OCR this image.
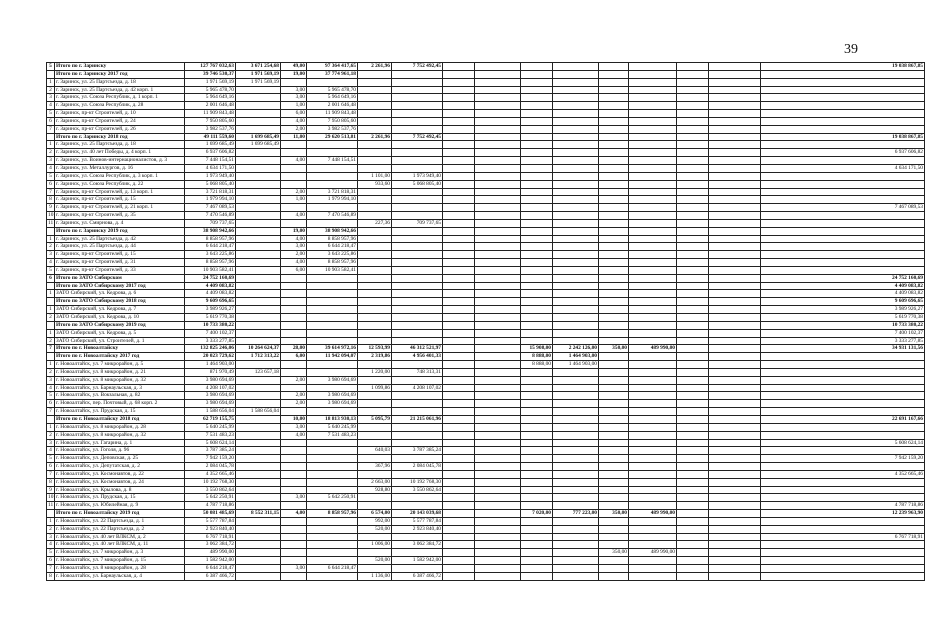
39
5	Итого по г. Заринску	127 767 032,63	3 671 254,68	49,00	97 364 417,65	2 261,96	7 752 492,45									19 038 867,85
	Итого по г. Заринску 2017 год	39 746 530,37	1 971 569,19	19,00	37 774 961,18											
1	г. Заринск, ул. 25 Партсъезда, д. 18	1 971 569,19	1 971 569,19													
2	г. Заринск, ул. 25 Партсъезда, д. 42 корп. 1	5 965 478,70		3,00	5 965 478,70											
3	г. Заринск, ул. Союза Республик, д. 1 корп. 1	5 964 649,16		3,00	5 964 649,16											
4	г. Заринск, ул. Союза Республик, д. 28	2 001 646,48		1,00	2 001 646,48											
5	г. Заринск, пр-кт Строителей, д. 10	11 909 843,48		6,00	11 909 843,48											
6	г. Заринск, пр-кт Строителей, д. 24	7 950 805,60		4,00	7 950 805,60											
7	г. Заринск, пр-кт Строителей, д. 26	3 982 537,76		2,00	3 982 537,76											
	Итого по г. Заринску 2018 год	49 111 559,60	1 699 685,49	11,00	29 620 513,81	2 261,96	7 752 492,45									19 038 867,85
1	г. Заринск, ул. 25 Партсъезда, д. 18	1 699 685,49	1 699 685,49													
2	г. Заринск, ул. 40 лет Победы, д. 4 корп. 1	6 937 606,82														6 937 606,82
3	г. Заринск, ул. Воинов-интернационалистов, д. 3	7 448 154,51		4,00	7 448 154,51											
4	г. Заринск, ул. Металлургов, д. 16	4 634 171,50														4 634 171,50
5	г. Заринск, ул. Союза Республик, д. 3 корп. 1	1 973 949,40				1 101,00	1 973 949,40									
6	г. Заринск, ул. Союза Республик, д. 22	5 068 805,40				933,60	5 068 805,40									
7	г. Заринск, пр-кт Строителей, д. 13 корп. 1	3 721 818,31		2,00	3 721 818,31											
8	г. Заринск, пр-кт Строителей, д. 15	1 979 994,10		1,00	1 979 994,10											
9	г. Заринск, пр-кт Строителей, д. 21 корп. 1	7 467 089,53														7 467 089,53
10	г. Заринск, пр-кт Строителей, д. 35	7 470 546,89		4,00	7 470 546,89											
11	г. Заринск, ул. Смирнова, д. 4	709 737,65				227,36	709 737,65									
	Итого по г. Заринску 2019 год	38 908 942,66		19,00	38 908 942,66											
1	г. Заринск, ул. 25 Партсъезда, д. 42	8 858 957,96		4,00	8 858 957,96											
2	г. Заринск, ул. 25 Партсъезда, д. 44	6 644 218,47		3,00	6 644 218,47											
3	г. Заринск, пр-кт Строителей, д. 15	3 643 225,86		2,00	3 643 225,86											
4	г. Заринск, пр-кт Строителей, д. 31	8 858 957,96		4,00	8 858 957,96											
5	г. Заринск, пр-кт Строителей, д. 33	10 903 582,41		6,00	10 903 582,41											
6	Итого по ЗАТО Сибирском	24 752 160,69														24 752 160,69
	Итого по ЗАТО Сибирскому 2017 год	4 409 083,82														4 409 083,82
1	ЗАТО Сибирский, ул. Кедрова, д. 6	4 409 083,82														4 409 083,82
	Итого по ЗАТО Сибирскому 2018 год	9 609 696,65														9 609 696,65
1	ЗАТО Сибирский, ул. Кедрова, д. 7	3 989 926,27														3 989 926,27
2	ЗАТО Сибирский, ул. Кедрова, д. 10	5 619 770,38														5 619 770,38
	Итого по ЗАТО Сибирскому 2019 год	10 733 380,22														10 733 380,22
1	ЗАТО Сибирский, ул. Кедрова, д. 5	7 400 102,37														7 400 102,37
2	ЗАТО Сибирский, ул. Строителей, д. 1	3 333 277,85														3 333 277,85
7	Итого по г. Новоалтайску	132 825 246,06	10 264 624,37	28,00	39 614 972,16	12 593,99	46 312 521,97			15 908,00	2 242 126,00	350,00	489 990,00			34 931 131,56
	Итого по г. Новоалтайску 2017 год	20 023 729,62	1 712 313,22	6,00	11 942 094,07	2 319,86	4 956 401,33			8 888,00	1 464 903,00					
1	г. Новоалтайск, ул. 7 микрорайон, д. 5	1 464 903,00								8 888,00	1 464 903,00					
2	г. Новоалтайск, ул. 8 микрорайон, д. 21	871 970,49	123 657,18			1 220,00	748 313,31									
3	г. Новоалтайск, ул. 8 микрорайон, д. 32	3 980 694,69		2,00	3 980 694,69											
4	г. Новоалтайск, ул. Барнаульская, д. 3	4 208 107,02				1 099,86	4 208 107,02									
5	г. Новоалтайск, ул. Вокзальная, д. 82	3 980 694,69		2,00	3 980 694,69											
6	г. Новоалтайск, пер. Почтовый, д. 68 корп. 2	3 980 694,69		2,00	3 980 694,69											
7	г. Новоалтайск, ул. Прудская, д. 15	1 588 656,04	1 588 656,04													
	Итого по г. Новоалтайску 2018 год	62 719 155,75		10,00	18 813 930,13	5 095,79	21 215 061,96									22 691 167,66
1	г. Новоалтайск, ул. 8 микрорайон, д. 28	5 640 245,99		3,00	5 640 245,99											
2	г. Новоалтайск, ул. 8 микрорайон, д. 32	7 531 483,23		4,00	7 531 483,23											
3	г. Новоалтайск, ул. Гагарина, д. 1	5 608 624,14														5 608 624,14
4	г. Новоалтайск, ул. Гоголя, д. 96	3 787 385,24				640,03	3 787 385,24									
5	г. Новоалтайск, ул. Деповская, д. 25	7 942 159,20														7 942 159,20
6	г. Новоалтайск, ул. Депутатская, д. 2	2 084 045,78				367,96	2 084 045,78									
7	г. Новоалтайск, ул. Космонавтов, д. 22	4 352 665,46														4 352 665,46
8	г. Новоалтайск, ул. Космонавтов, д. 24	10 192 768,30				2 663,00	10 192 768,30									
9	г. Новоалтайск, ул. Крылова, д. 8	3 550 862,64				928,80	3 550 862,64									
10	г. Новоалтайск, ул. Прудская, д. 15	5 642 250,91		3,00	5 642 250,91											
11	г. Новоалтайск, ул. Юбилейная, д. 9	4 787 718,86														4 787 718,86
	Итого по г. Новоалтайску 2019 год	50 081 485,69	8 552 311,15	4,00	8 858 957,96	6 574,00	20 143 039,68			7 020,00	777 223,00	350,00	489 990,00			12 239 963,90
1	г. Новоалтайск, ул. 22 Партсъезда, д. 1	5 577 787,84				992,00	5 577 787,84									
2	г. Новоалтайск, ул. 22 Партсъезда, д. 2	2 923 840,40				520,00	2 923 840,40									
3	г. Новоалтайск, ул. 40 лет ВЛКСМ, д. 2	6 767 718,91														6 767 718,91
4	г. Новоалтайск, ул. 40 лет ВЛКСМ, д. 11	3 062 384,72				1 006,00	3 062 384,72									
5	г. Новоалтайск, ул. 7 микрорайон, д. 3	489 990,00										350,00	489 990,00			
6	г. Новоалтайск, ул. 7 микрорайон, д. 15	1 582 942,00				520,00	1 582 942,00									
7	г. Новоалтайск, ул. 8 микрорайон, д. 28	6 644 218,47		3,00	6 644 218,47											
8	г. Новоалтайск, ул. Барнаульская, д. 4	6 387 466,72				1 136,00	6 387 466,72									
